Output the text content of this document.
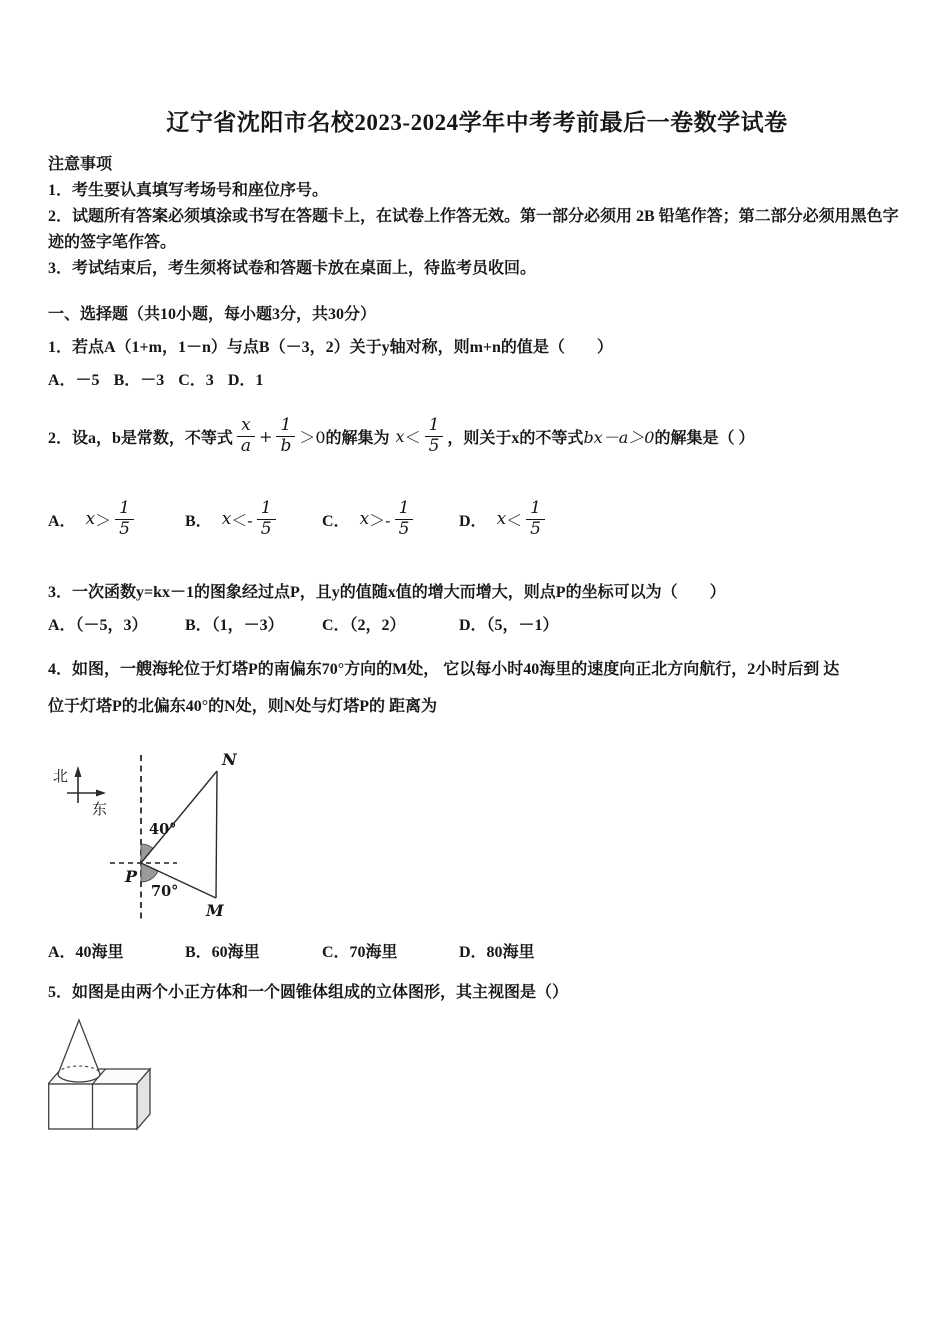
辽宁省沈阳市名校2023-2024学年中考考前最后一卷数学试卷
注意事项
1．考生要认真填写考场号和座位序号。
2．试题所有答案必须填涂或书写在答题卡上，在试卷上作答无效。第一部分必须用 2B 铅笔作答；第二部分必须用黑色字迹的签字笔作答。
3．考试结束后，考生须将试卷和答题卡放在桌面上，待监考员收回。
一、选择题（共10小题，每小题3分，共30分）
1．若点A（1+m，1－n）与点B（－3，2）关于y轴对称，则m+n的值是（　　）
A．－5 B．－3 C．3 D．1
2．设a，b是常数，不等式 $\frac{x}{a} + \frac{1}{b} >0$ 的解集为 $x < \frac{1}{5}$ ，则关于x的不等式 bx－a＞0 的解集是（ ）
A． $x > \frac{1}{5}$	B． $x <- \frac{1}{5}$	C． $x >- \frac{1}{5}$	D． $x < \frac{1}{5}$
3．一次函数y=kx－1的图象经过点P，且y的值随x值的增大而增大，则点P的坐标可以为（　　）
A．（－5，3）	B．（1，－3）	C．（2，2）	D．（5，－1）
4．如图，一艘海轮位于灯塔P的南偏东70°方向的M处， 它以每小时40海里的速度向正北方向航行，2小时后到 达
位于灯塔P的北偏东40°的N处，则N处与灯塔P的 距离为
北
东
N
M
P
40°
70°
A．40海里	B．60海里	C．70海里	D．80海里
5．如图是由两个小正方体和一个圆锥体组成的立体图形，其主视图是（）
